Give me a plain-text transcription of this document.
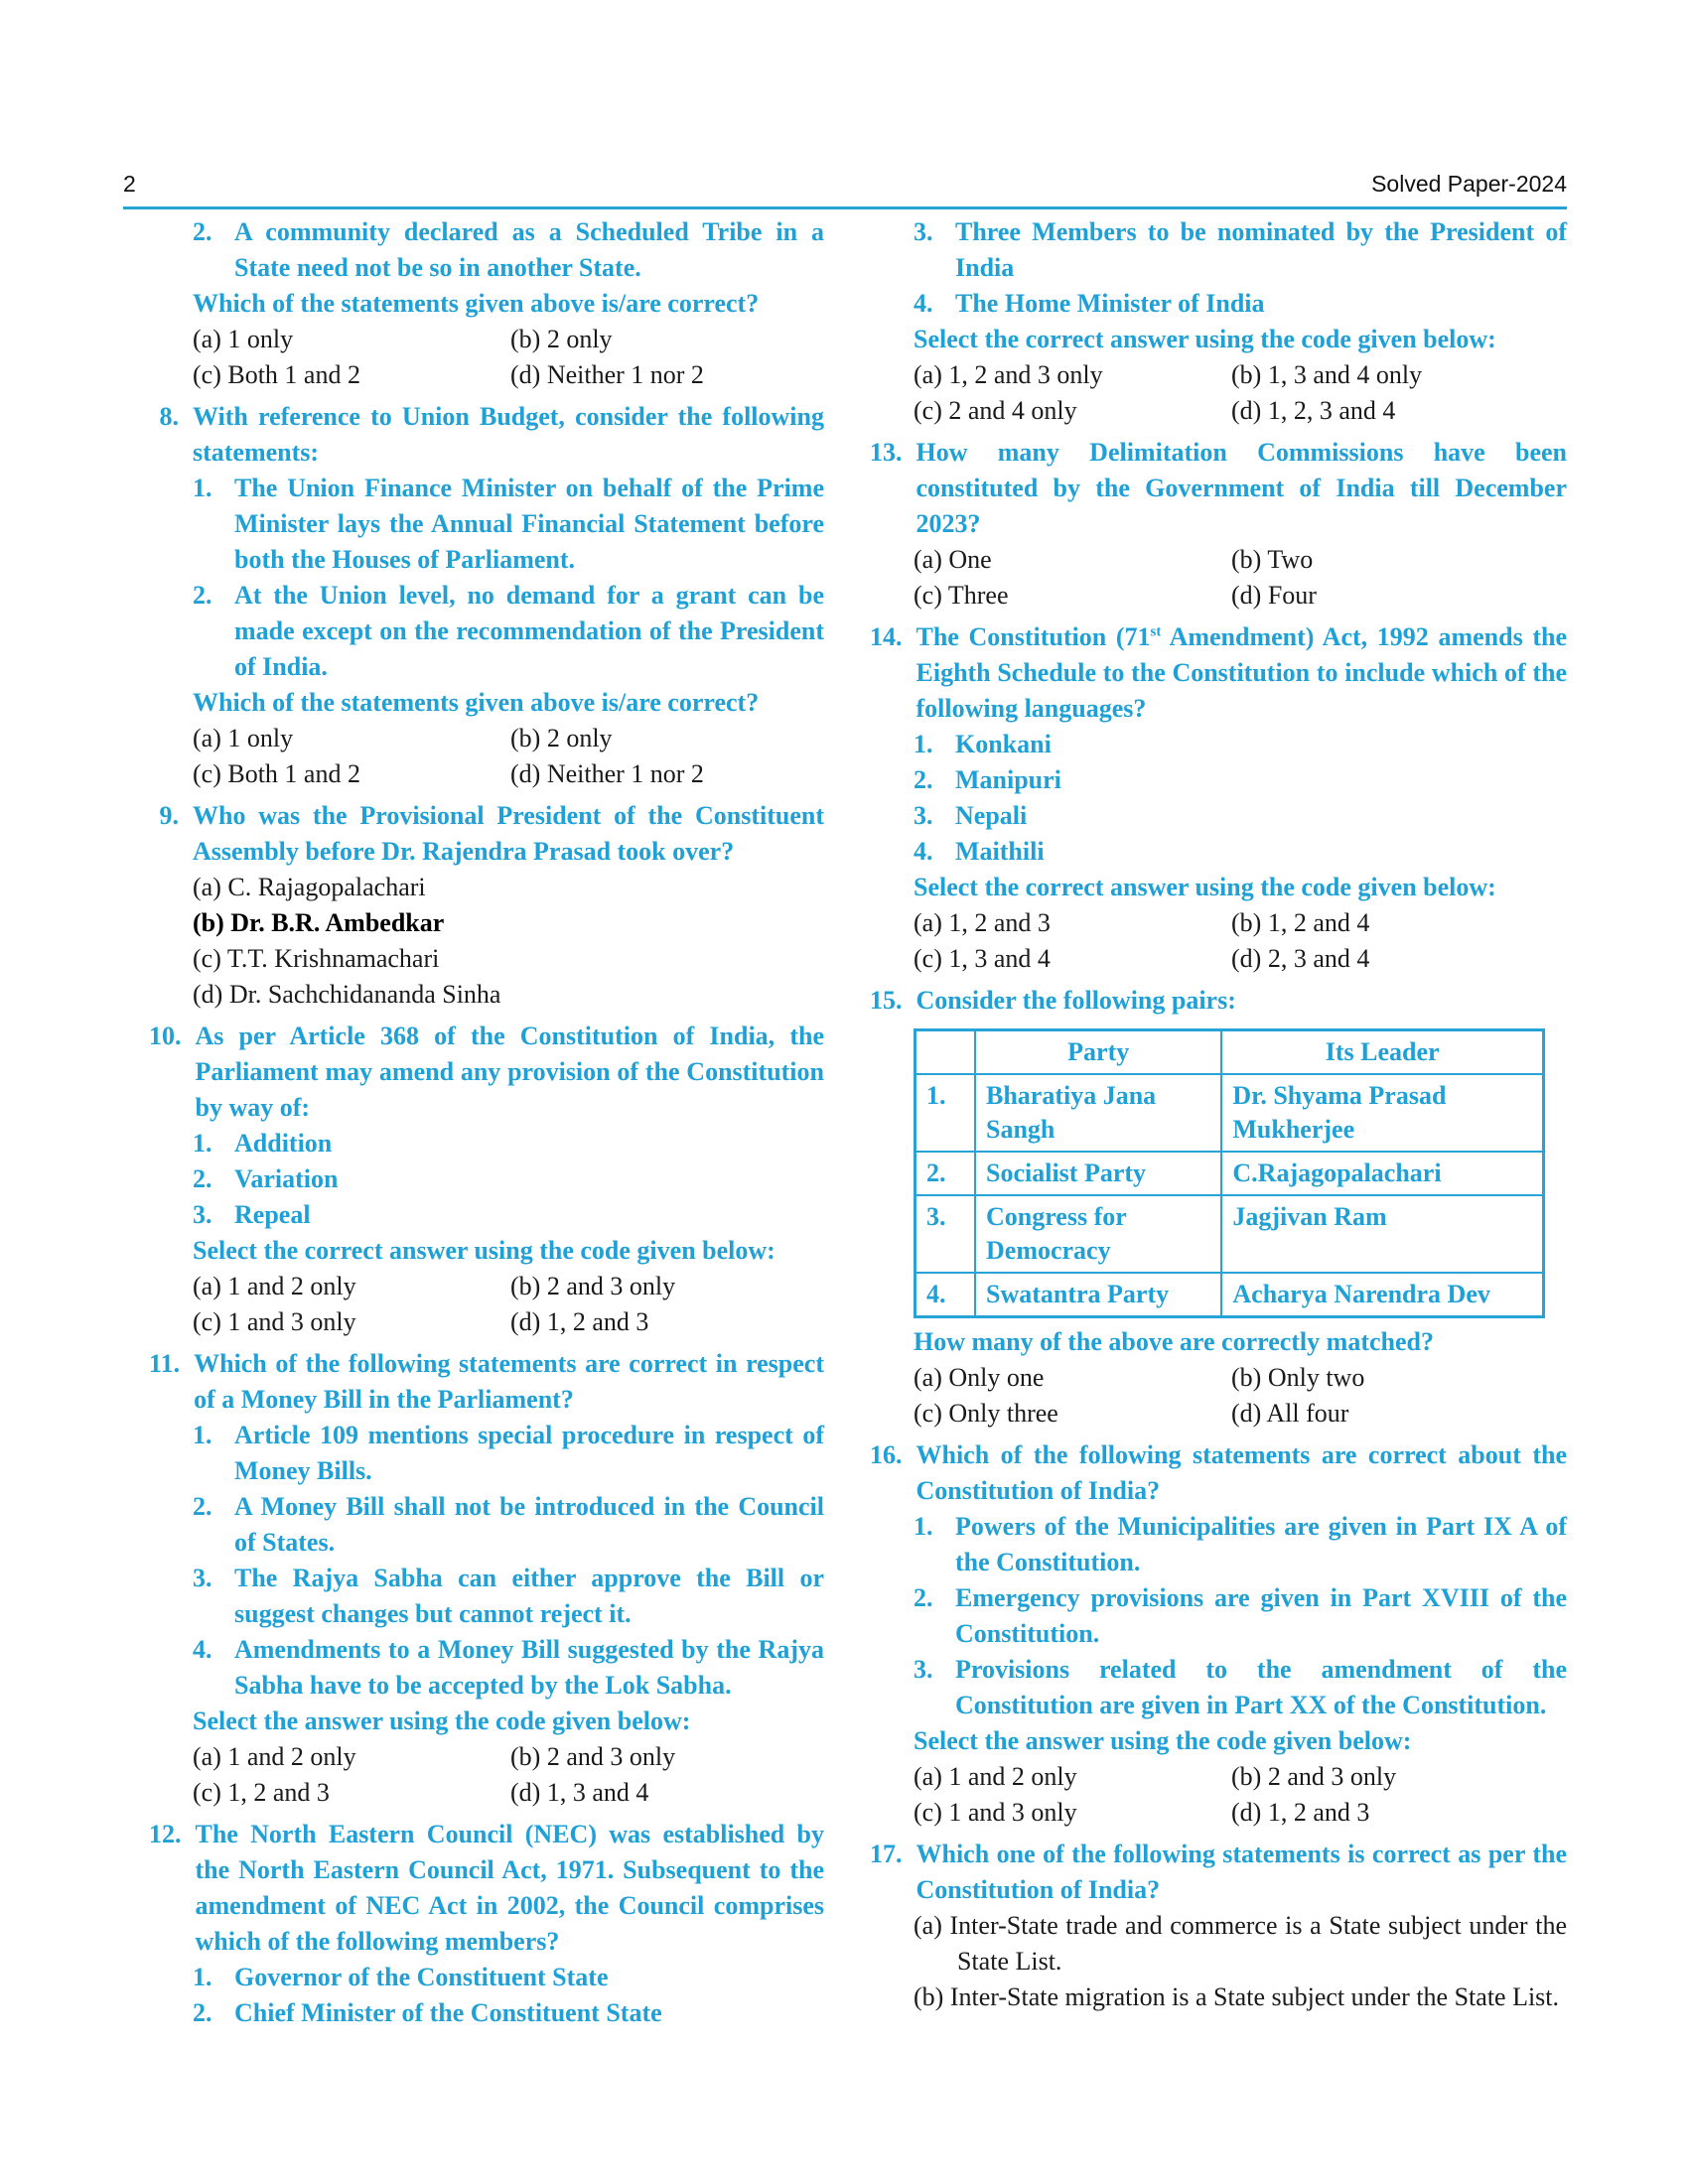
2	Solved Paper-2024
2. A community declared as a Scheduled Tribe in a State need not be so in another State.
Which of the statements given above is/are correct?
(a) 1 only	(b) 2 only
(c) Both 1 and 2	(d) Neither 1 nor 2
8. With reference to Union Budget, consider the following statements:
1. The Union Finance Minister on behalf of the Prime Minister lays the Annual Financial Statement before both the Houses of Parliament.
2. At the Union level, no demand for a grant can be made except on the recommendation of the President of India.
Which of the statements given above is/are correct?
(a) 1 only	(b) 2 only
(c) Both 1 and 2	(d) Neither 1 nor 2
9. Who was the Provisional President of the Constituent Assembly before Dr. Rajendra Prasad took over?
(a) C. Rajagopalachari
(b) Dr. B.R. Ambedkar
(c) T.T. Krishnamachari
(d) Dr. Sachchidananda Sinha
10. As per Article 368 of the Constitution of India, the Parliament may amend any provision of the Constitution by way of:
1. Addition
2. Variation
3. Repeal
Select the correct answer using the code given below:
(a) 1 and 2 only	(b) 2 and 3 only
(c) 1 and 3 only	(d) 1, 2 and 3
11. Which of the following statements are correct in respect of a Money Bill in the Parliament?
1. Article 109 mentions special procedure in respect of Money Bills.
2. A Money Bill shall not be introduced in the Council of States.
3. The Rajya Sabha can either approve the Bill or suggest changes but cannot reject it.
4. Amendments to a Money Bill suggested by the Rajya Sabha have to be accepted by the Lok Sabha.
Select the answer using the code given below:
(a) 1 and 2 only	(b) 2 and 3 only
(c) 1, 2 and 3	(d) 1, 3 and 4
12. The North Eastern Council (NEC) was established by the North Eastern Council Act, 1971. Subsequent to the amendment of NEC Act in 2002, the Council comprises which of the following members?
1. Governor of the Constituent State
2. Chief Minister of the Constituent State
3. Three Members to be nominated by the President of India
4. The Home Minister of India
Select the correct answer using the code given below:
(a) 1, 2 and 3 only	(b) 1, 3 and 4 only
(c) 2 and 4 only	(d) 1, 2, 3 and 4
13. How many Delimitation Commissions have been constituted by the Government of India till December 2023?
(a) One	(b) Two
(c) Three	(d) Four
14. The Constitution (71st Amendment) Act, 1992 amends the Eighth Schedule to the Constitution to include which of the following languages?
1. Konkani
2. Manipuri
3. Nepali
4. Maithili
Select the correct answer using the code given below:
(a) 1, 2 and 3	(b) 1, 2 and 4
(c) 1, 3 and 4	(d) 2, 3 and 4
15. Consider the following pairs:
	Party	Its Leader
1.	Bharatiya Jana Sangh	Dr. Shyama Prasad Mukherjee
2.	Socialist Party	C.Rajagopalachari
3.	Congress for Democracy	Jagjivan Ram
4.	Swatantra Party	Acharya Narendra Dev
How many of the above are correctly matched?
(a) Only one	(b) Only two
(c) Only three	(d) All four
16. Which of the following statements are correct about the Constitution of India?
1. Powers of the Municipalities are given in Part IX A of the Constitution.
2. Emergency provisions are given in Part XVIII of the Constitution.
3. Provisions related to the amendment of the Constitution are given in Part XX of the Constitution.
Select the answer using the code given below:
(a) 1 and 2 only	(b) 2 and 3 only
(c) 1 and 3 only	(d) 1, 2 and 3
17. Which one of the following statements is correct as per the Constitution of India?
(a) Inter-State trade and commerce is a State subject under the State List.
(b) Inter-State migration is a State subject under the State List.
